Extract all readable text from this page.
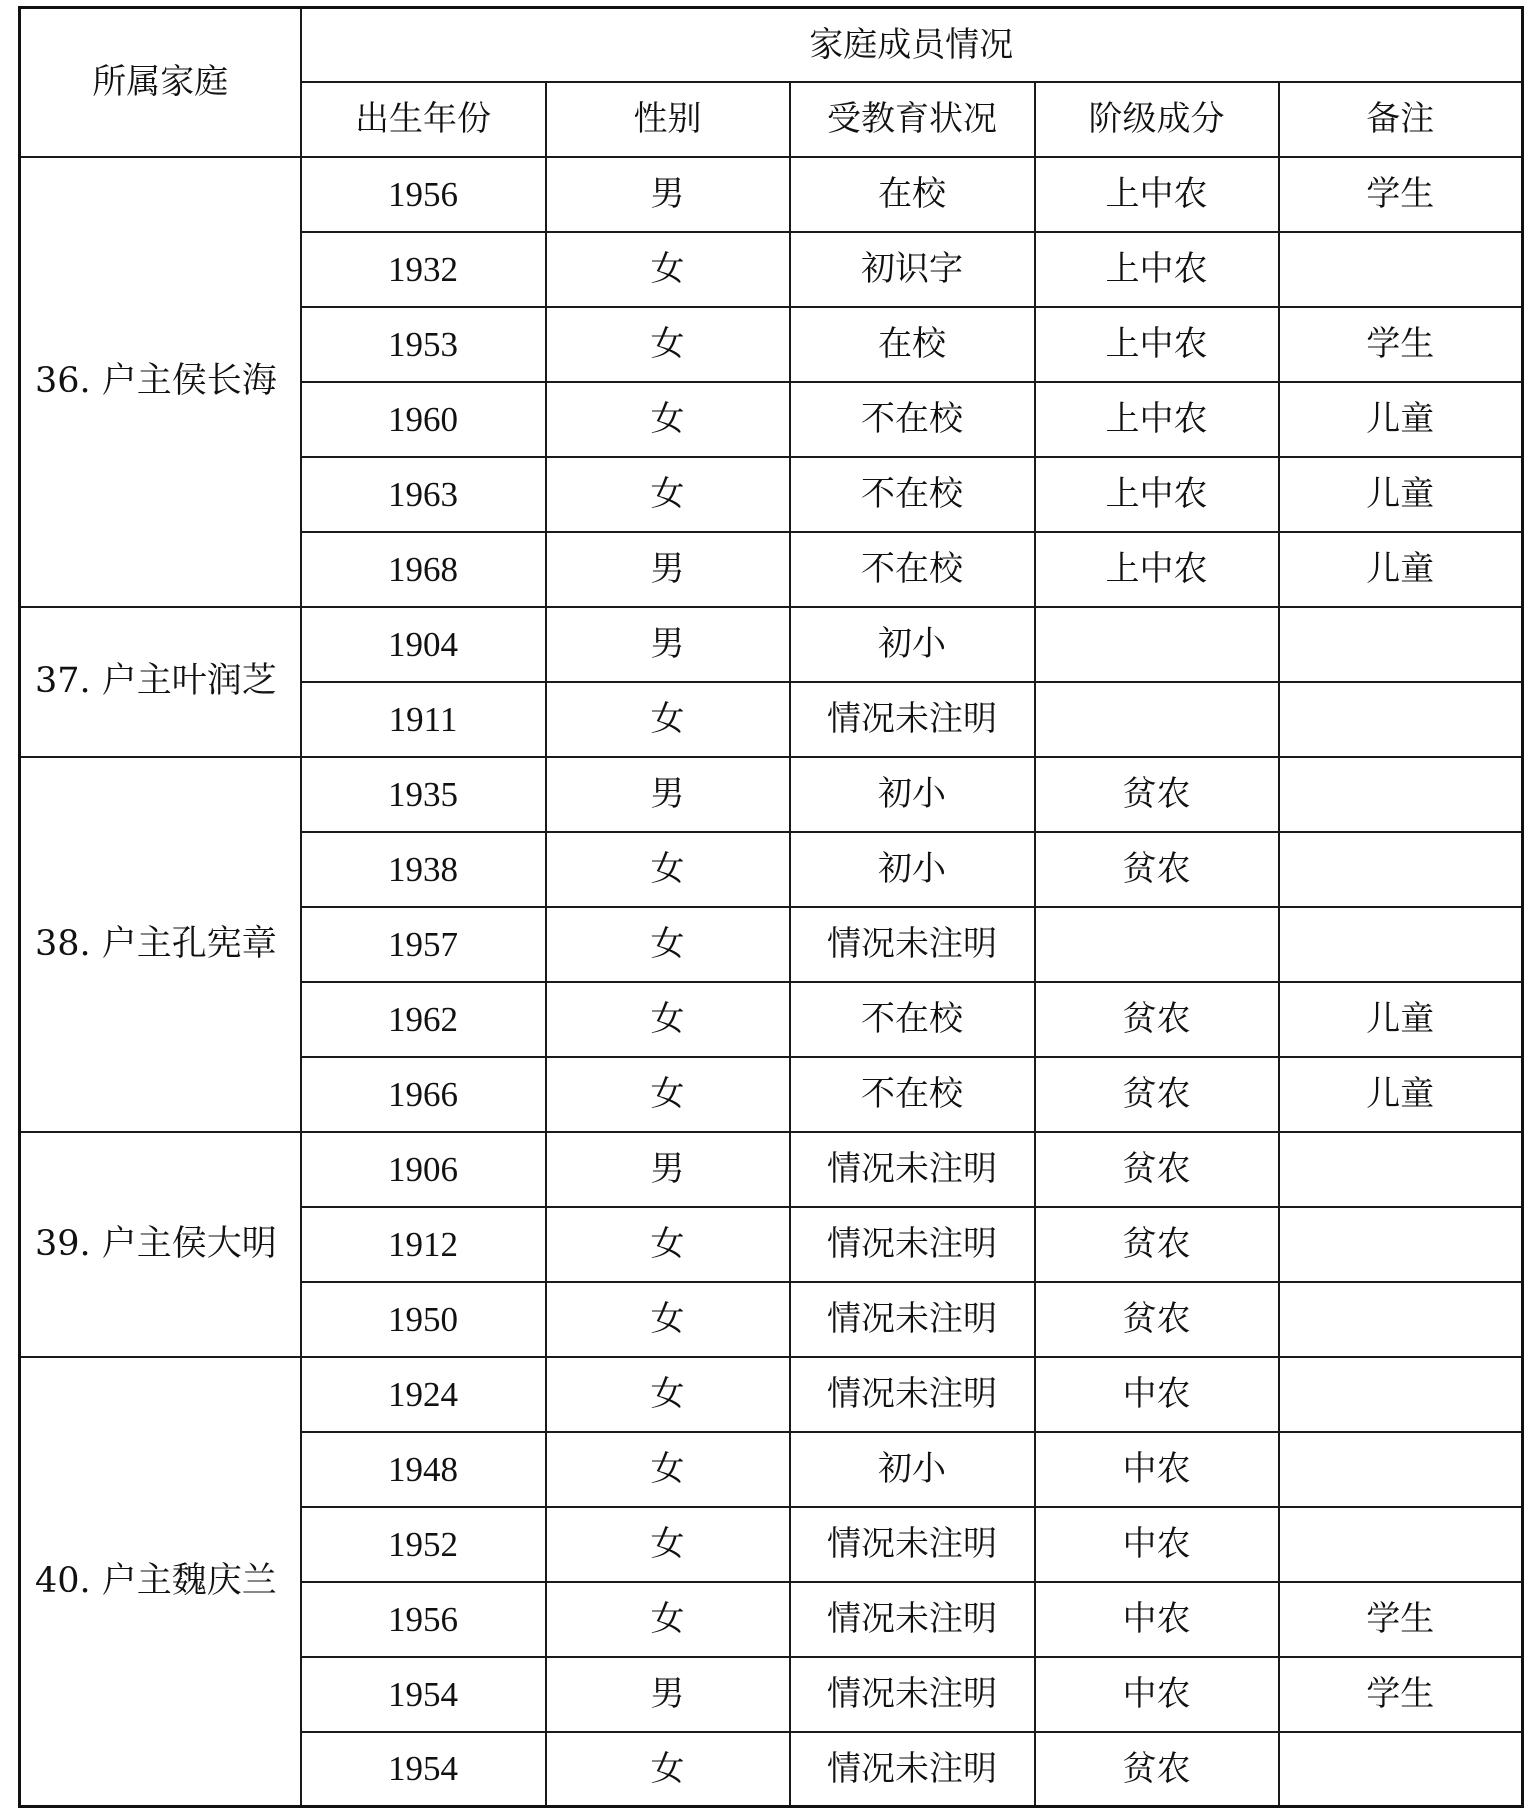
所属家庭	家庭成员情况				
	出生年份	性别	受教育状况	阶级成分	备注
36. 户主侯长海	1956	男	在校	上中农	学生
	1932	女	初识字	上中农	
	1953	女	在校	上中农	学生
	1960	女	不在校	上中农	儿童
	1963	女	不在校	上中农	儿童
	1968	男	不在校	上中农	儿童
37. 户主叶润芝	1904	男	初小		
	1911	女	情况未注明		
38. 户主孔宪章	1935	男	初小	贫农	
	1938	女	初小	贫农	
	1957	女	情况未注明		
	1962	女	不在校	贫农	儿童
	1966	女	不在校	贫农	儿童
39. 户主侯大明	1906	男	情况未注明	贫农	
	1912	女	情况未注明	贫农	
	1950	女	情况未注明	贫农	
40. 户主魏庆兰	1924	女	情况未注明	中农	
	1948	女	初小	中农	
	1952	女	情况未注明	中农	
	1956	女	情况未注明	中农	学生
	1954	男	情况未注明	中农	学生
	1954	女	情况未注明	贫农	
